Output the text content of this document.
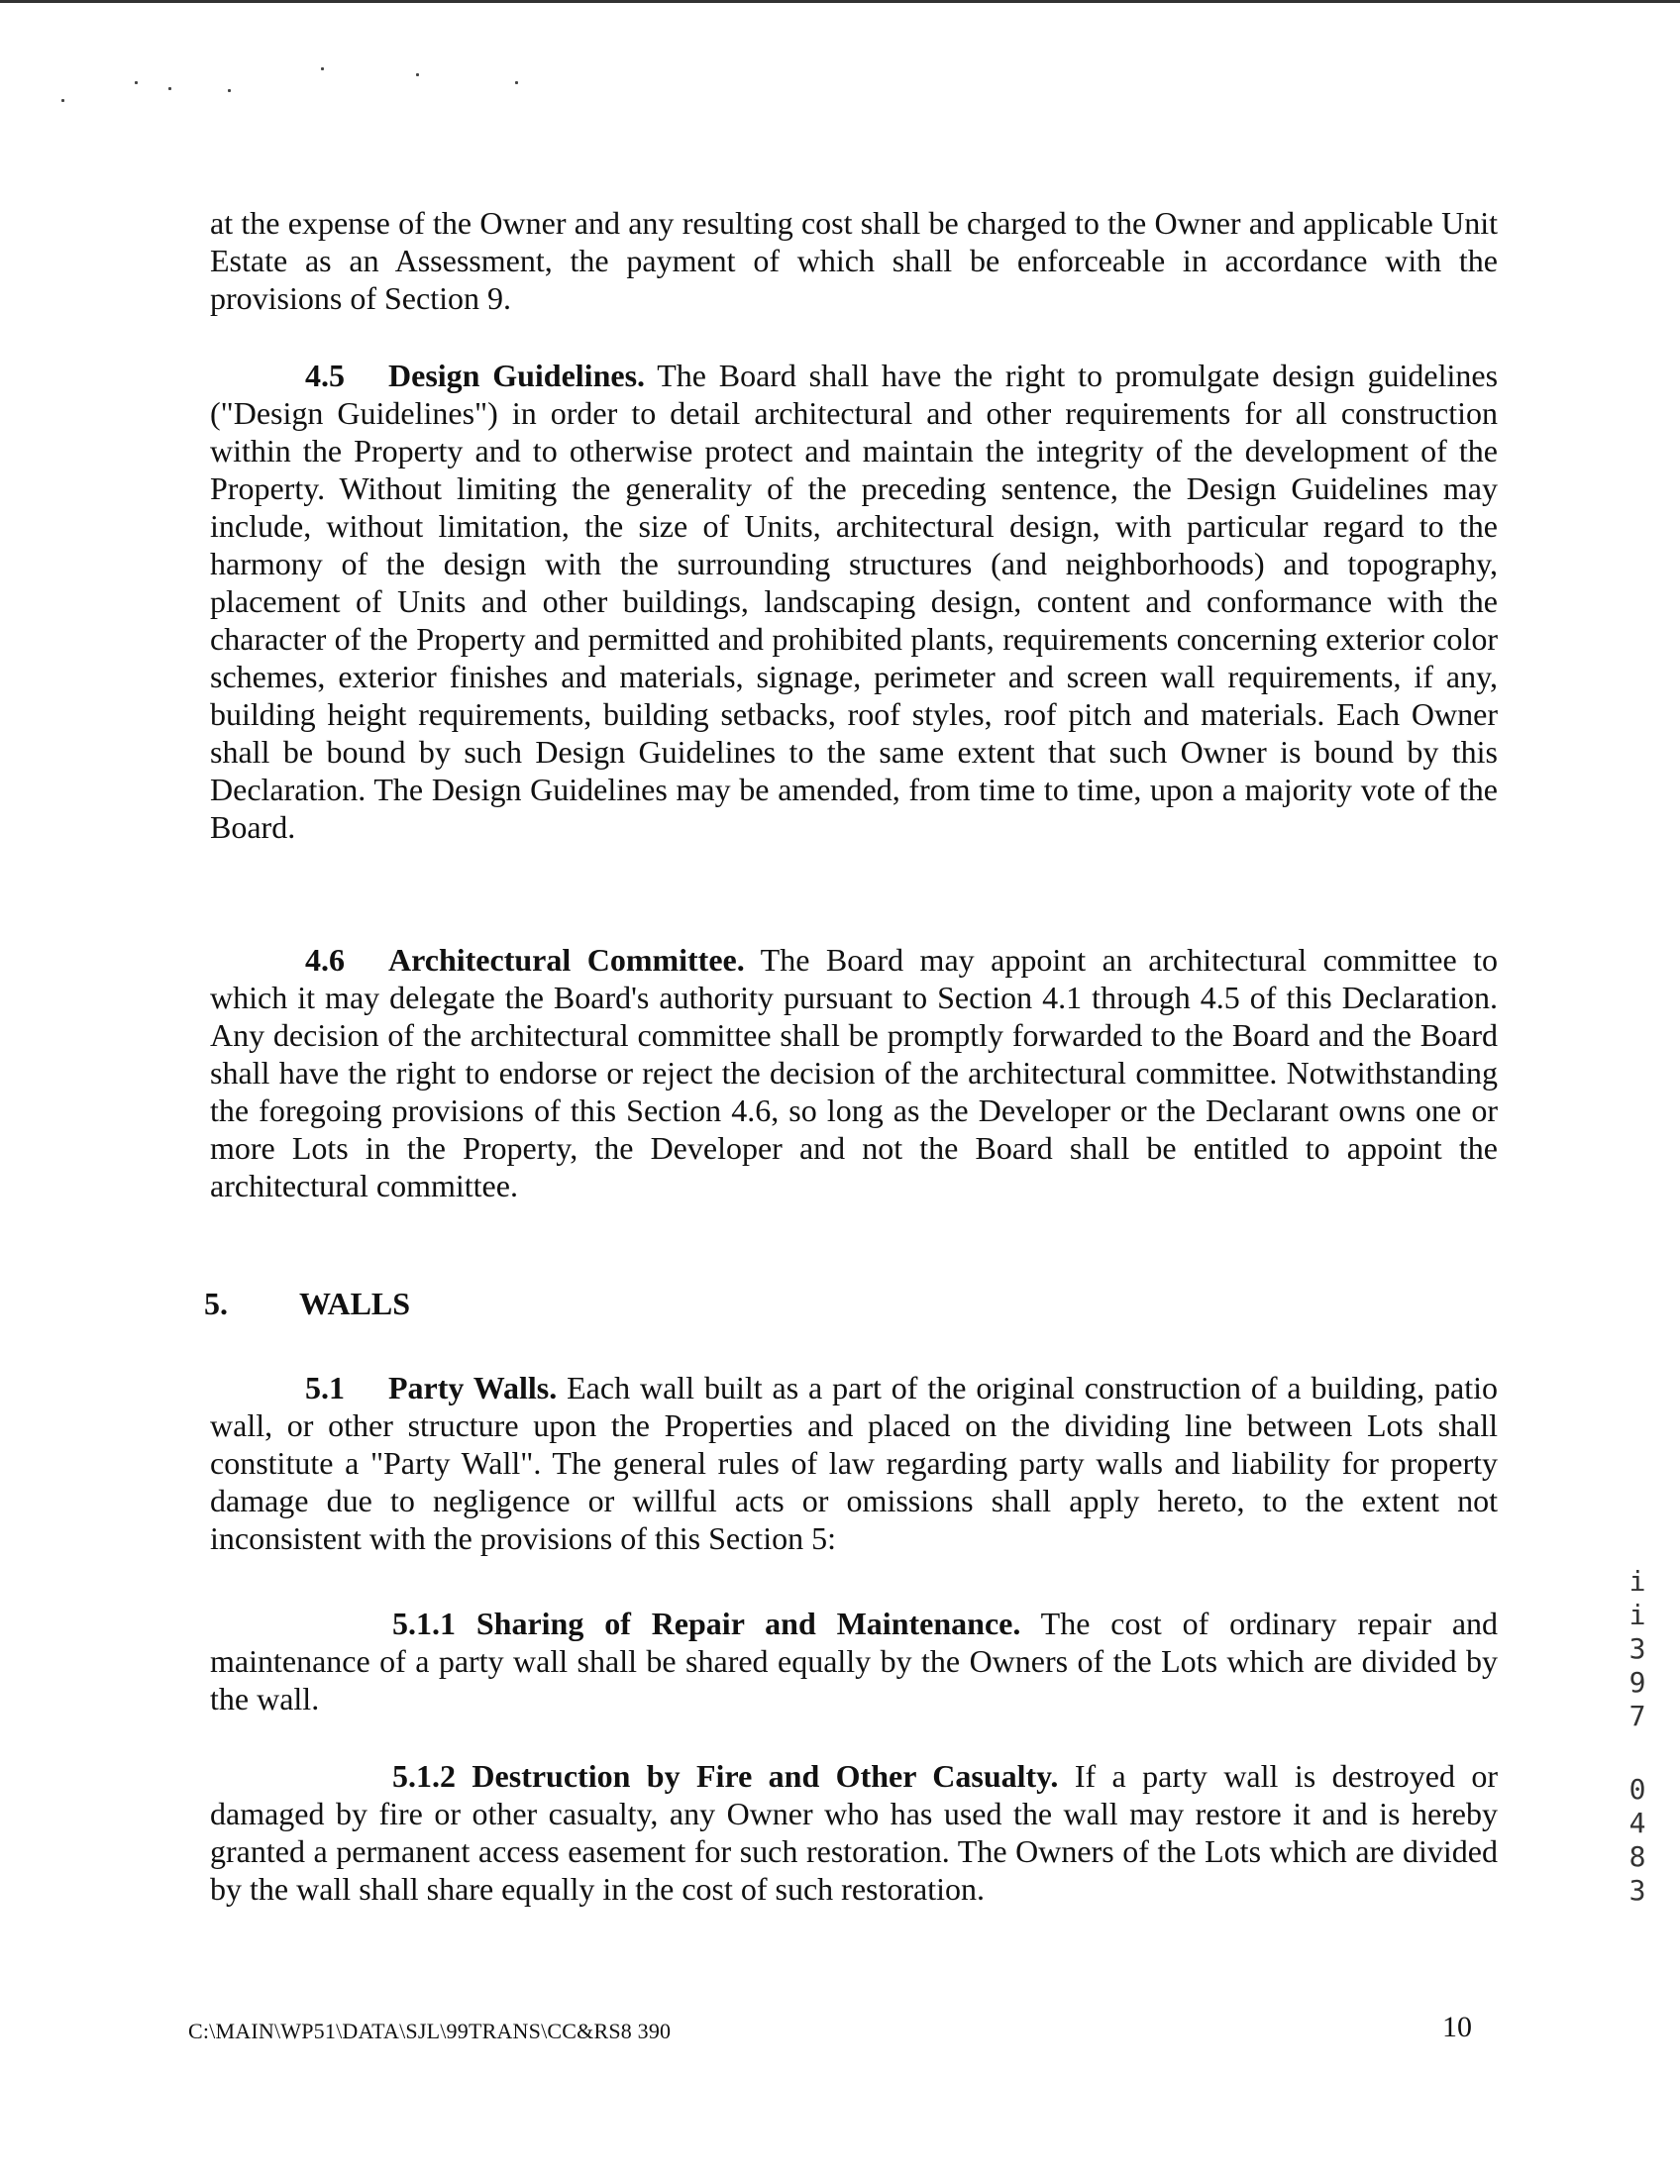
at the expense of the Owner and any resulting cost shall be charged to the Owner and applicable Unit Estate as an Assessment, the payment of which shall be enforceable in accordance with the provisions of Section 9.

4.5 Design Guidelines. The Board shall have the right to promulgate design guidelines ("Design Guidelines") in order to detail architectural and other requirements for all construction within the Property and to otherwise protect and maintain the integrity of the development of the Property. Without limiting the generality of the preceding sentence, the Design Guidelines may include, without limitation, the size of Units, architectural design, with particular regard to the harmony of the design with the surrounding structures (and neighborhoods) and topography, placement of Units and other buildings, landscaping design, content and conformance with the character of the Property and permitted and prohibited plants, requirements concerning exterior color schemes, exterior finishes and materials, signage, perimeter and screen wall requirements, if any, building height requirements, building setbacks, roof styles, roof pitch and materials. Each Owner shall be bound by such Design Guidelines to the same extent that such Owner is bound by this Declaration. The Design Guidelines may be amended, from time to time, upon a majority vote of the Board.

4.6 Architectural Committee. The Board may appoint an architectural committee to which it may delegate the Board's authority pursuant to Section 4.1 through 4.5 of this Declaration. Any decision of the architectural committee shall be promptly forwarded to the Board and the Board shall have the right to endorse or reject the decision of the architectural committee. Notwithstanding the foregoing provisions of this Section 4.6, so long as the Developer or the Declarant owns one or more Lots in the Property, the Developer and not the Board shall be entitled to appoint the architectural committee.

5. WALLS

5.1 Party Walls. Each wall built as a part of the original construction of a building, patio wall, or other structure upon the Properties and placed on the dividing line between Lots shall constitute a "Party Wall". The general rules of law regarding party walls and liability for property damage due to negligence or willful acts or omissions shall apply hereto, to the extent not inconsistent with the provisions of this Section 5:

5.1.1 Sharing of Repair and Maintenance. The cost of ordinary repair and maintenance of a party wall shall be shared equally by the Owners of the Lots which are divided by the wall.

5.1.2 Destruction by Fire and Other Casualty. If a party wall is destroyed or damaged by fire or other casualty, any Owner who has used the wall may restore it and is hereby granted a permanent access easement for such restoration. The Owners of the Lots which are divided by the wall shall share equally in the cost of such restoration.

C:\MAIN\WP51\DATA\SJL\99TRANS\CC&RS8 390	10
i
i
3
9
7
0
4
8
3
